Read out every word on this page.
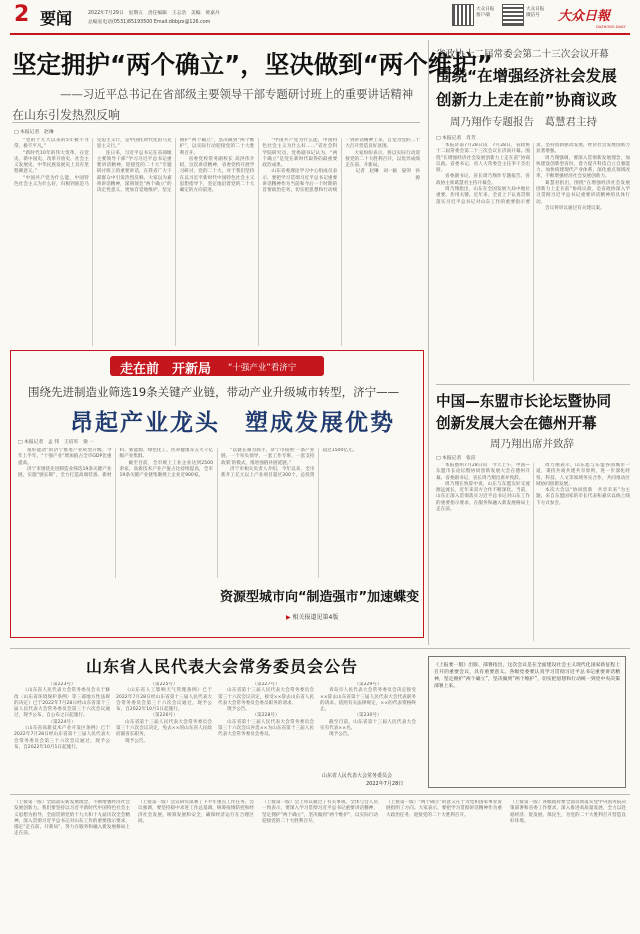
2 要闻	2022年7月29日　星期五　责任编辑　王志浩　美编　黄嘉丹
总编室电话(0531)85193500 Email:dbbjzx@126.com
大众日报
客户端
大众日报
微信号	大众日報
DAZHONG DAILY
坚定拥护“两个确立”，坚决做到“两个维护”
——习近平总书记在省部级主要领导干部专题研讨班上的重要讲话精神
在山东引发热烈反响
□ 本报记者　赵琳

“党的十九大以来的5年极不寻常、极不平凡。”

“新时代10年的伟大变革，在党史、新中国史、改革开放史、社会主义发展史、中华民族发展史上具有里程碑意义。”

“中国共产党为什么能，中国特色社会主义为什么好，归根到底是马克思主义行，是中国化时代化的马克思主义行。”

连日来，习近平总书记在省部级主要领导干部“学习习近平总书记重要讲话精神，迎接党的二十大”专题研讨班上的重要讲话，在我省广大干部群众中引发热烈反响。大家以为嘉将讲话精神，深刻领会“两个确立”的决定性意义，更加自觉地维护，坚定拥护“两个确立”，坚决做到“两个维护”，以实际行动迎接党的二十大胜利召开。

省委党校常务副校长 高洪伟介绍，这次讲话精神，省委党校开展学习研讨，党的二十大，对于我们坚持在以习近平新时代中国特色社会主义思想指导下，坚定地沿着党的二十大确定的方向前进。

“中国共产党为什么能，中国特色社会主义为什么好……”省社会科学院研究员、党委副书记认为，“两个确立”是党在新时代取得的最重要政治成果。

山东省委理论学习中心组成员表示，要把学习贯彻习近平总书记重要讲话精神作为当前和今后一个时期的首要政治任务，切实把思想和行动统一到讲话精神上来，自觉为党的二十大召开营造良好氛围。

大家纷纷表示，将以实际行动迎接党的二十大胜利召开，以优异成绩走在前、开新局。

记者　赵琳　刘一颖　晏卯　孙源

走在前　开新局 “十强产业”看济宁
围绕先进制造业筛选19条关键产业链，带动产业升级城市转型，济宁——
昂起产业龙头　塑成发展优势
□ 本报记者　孟 伟　王培军　梁 一

很好能动”的济宁推进产业转型升级，今年上半年，“十强产业”增加值占全市GDP比重提高。

济宁市围绕先进制造业筛选19条关键产业链，实施“链长制”，全力打造高端装备、新材料、新能源、绿色化工、医养健康等五大千亿级产业集群。

截至目前，全市规上工业企业达到2500余家，高新技术产业产值占比持续提高，全市19条关键产业链集聚规上企业近900家。

“以链长制为抓手，济宁市按照‘一条产业链、一个牵头领导、一套工作专班、一套支持政策’的模式，推进强链补链延链。”

济宁市相关负责人介绍，今年以来，全市新开工亿元以上产业项目超过300个，总投资超过1500亿元。

资源型城市向“制造强市”加速蝶变
▶ 相关报道见第4版
省政协十二届常委会第二十三次会议开幕
围绕“在增强经济社会发展
创新力上走在前”协商议政
周乃翔作专题报告　葛慧君主持
□ 本报记者　肖芳

本报济南7月28日讯　7月28日，省政协十二届常委会第二十三次会议在济南开幕。围绕“在增强经济社会发展创新力上走在前”协商议政。省委书记、省人大常委会主任李干杰出席。

省委副书记、省长周乃翔作专题报告。省政协主席葛慧君主持开幕会。

周乃翔指出，山东在全国发展大局中地位重要、作用关键。近年来，全省上下认真贯彻落实习近平总书记对山东工作的重要指示要求，坚持创新驱动发展，经济社会发展创新力显著增强。

周乃翔强调，要深入贯彻新发展理念，加快建设创新型省份，着力提升科技自立自强能力，加快构建现代产业体系，深化重点领域改革，不断增强经济社会发展创新力。

葛慧君指出，围绕“在增强经济社会发展创新力上走在前”协商议政，是省政协深入学习贯彻习近平总书记重要讲话精神的具体行动。

会议将审议通过有关建议案。

中国—东盟市长论坛暨协同
创新发展大会在德州开幕
周乃翔出席并致辞
□ 本报记者　张洁

本报德州7月28日讯　今天上午，中国—东盟市长论坛暨协同创新发展大会在德州开幕。省委副书记、省长周乃翔出席并致辞。

周乃翔在致辞中说，山东与东盟友好交流源远流长，近年来双方合作不断深化。当前，山东正深入贯彻落实习近平总书记对山东工作的重要指示要求，在服务和融入新发展格局上走在前。

周乃翔表示，山东愿与东盟各国城市一道，秉持共商共建共享原则，进一步深化经贸、科技、人文等领域务实合作，共同推动区域协同创新发展。

本次大会以“协同创新　共享未来”为主题，来自东盟国家的市长代表和嘉宾以线上线下方式参会。

山东省人民代表大会常务委员会公告

（第223号）

《山东省人民代表大会常务委员会关于修改〈山东省环境保护条例〉等三部地方性法规的决定》已于2022年7月28日经山东省第十三届人民代表大会常务委员会第三十六次会议通过，现予公布，自公布之日起施行。

（第224号）

《山东省高新技术产业开发区条例》已于2022年7月28日经山东省第十三届人民代表大会常务委员会第三十六次会议通过，现予公布，自2022年10月1日起施行。

（第225号）

《山东省人工影响天气管理条例》已于2022年7月28日经山东省第十三届人民代表大会常务委员会第三十六次会议通过，现予公布，自2022年10月1日起施行。

（第226号）

山东省第十三届人民代表大会常务委员会第三十六次会议决定，免去××的山东省人民政府副省长职务。

现予公告。

（第227号）

山东省第十三届人民代表大会常务委员会第三十六次会议决定，接受××辞去山东省人民代表大会常务委员会委员职务的请求。

现予公告。

（第228号）

山东省第十三届人民代表大会常务委员会第三十六次会议补选××为山东省第十三届人民代表大会常务委员会委员。

（第229号）

青岛市人民代表大会常务委员会决定接受××辞去山东省第十三届人民代表大会代表职务的请求。依照有关法律规定，××的代表资格终止。

（第230号）

截至目前，山东省第十三届人民代表大会实有代表××名。

现予公告。

山东省人民代表大会常务委员会
2022年7月28日
《上报要一版》出版、部署指出，这次会议是在全面建设社会主义现代化国家新征程上召开的重要会议，具有重要意义。各级党委要认真学习贯彻习近平总书记重要讲话精神，坚定拥护“两个确立”，坚决做到“两个维护”，切实把思想和行动统一到党中央决策部署上来。
（上接第一版）全面落实新发展理念，不断增强经济社会发展创新力。我们要坚持以习近平新时代中国特色社会主义思想为指导，全面贯彻党的十九大和十九届历次全会精神，深入贯彻习近平总书记对山东工作的重要指示要求，锚定“走在前、开新局”，努力在服务和融入新发展格局上走在前。
（上接第一版）会议研究部署了下半年重点工作任务。会议强调，要坚持稳中求进工作总基调，统筹疫情防控和经济社会发展，统筹发展和安全，确保经济运行在合理区间。
（上接第一版）会上审议通过了有关事项。全体与会人员一致表示，要深入学习贯彻习近平总书记重要讲话精神，坚定拥护“两个确立”，坚决做到“两个维护”，以实际行动迎接党的二十大胜利召开。
（上接第一版）“两个确立”的意义在于为党和国家事业发展指明了方向。大家表示，要把学习贯彻讲话精神作为重大政治任务，迎接党的二十大胜利召开。
（上接第一版）各级政府要全面贯彻落实党中央国务院决策部署和省委工作要求，深入推进高质量发展，全力以赴稳经济、促发展、保民生，为党的二十大胜利召开营造良好环境。
